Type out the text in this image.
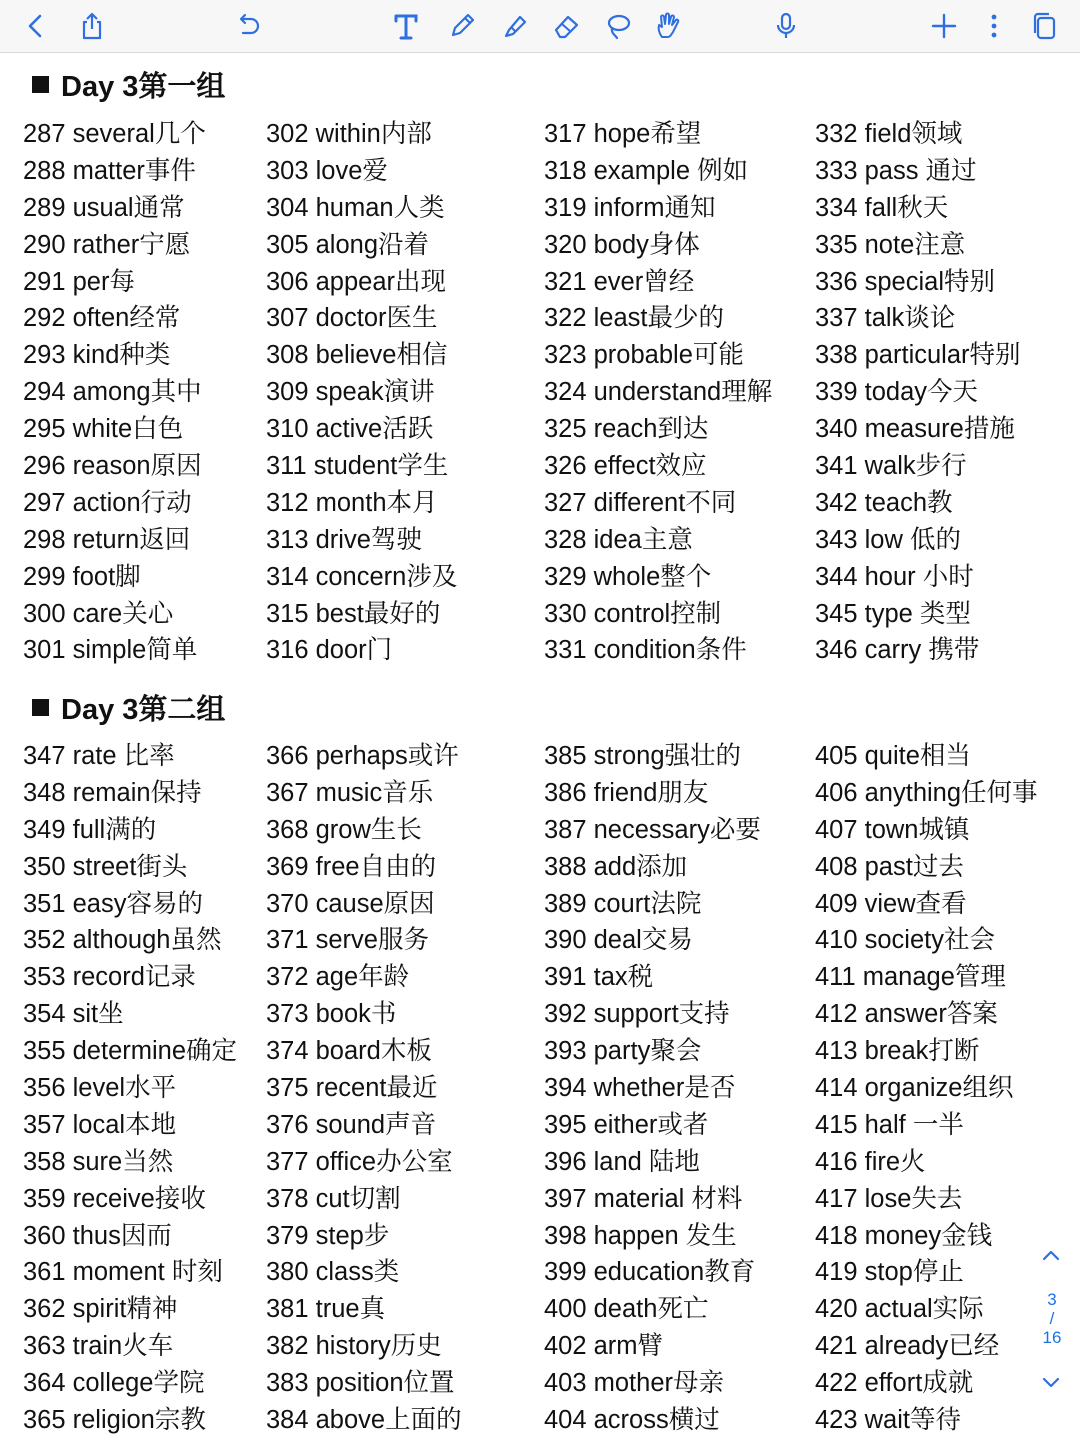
Day 3第一组
287 several几个
288 matter事件
289 usual通常
290 rather宁愿
291 per每
292 often经常
293 kind种类
294 among其中
295 white白色
296 reason原因
297 action行动
298 return返回
299 foot脚
300 care关心
301 simple简单
302 within内部
303 love爱
304 human人类
305 along沿着
306 appear出现
307 doctor医生
308 believe相信
309 speak演讲
310 active活跃
311 student学生
312 month本月
313 drive驾驶
314 concern涉及
315 best最好的
316 door门
317 hope希望
318 example 例如
319 inform通知
320 body身体
321 ever曾经
322 least最少的
323 probable可能
324 understand理解
325 reach到达
326 effect效应
327 different不同
328 idea主意
329 whole整个
330 control控制
331 condition条件
332 field领域
333 pass 通过
334 fall秋天
335 note注意
336 special特别
337 talk谈论
338 particular特别
339 today今天
340 measure措施
341 walk步行
342 teach教
343 low 低的
344 hour 小时
345 type 类型
346 carry 携带
Day 3第二组
347 rate 比率
348 remain保持
349 full满的
350 street街头
351 easy容易的
352 although虽然
353 record记录
354 sit坐
355 determine确定
356 level水平
357 local本地
358 sure当然
359 receive接收
360 thus因而
361 moment 时刻
362 spirit精神
363 train火车
364 college学院
365 religion宗教
366 perhaps或许
367 music音乐
368 grow生长
369 free自由的
370 cause原因
371 serve服务
372 age年龄
373 book书
374 board木板
375 recent最近
376 sound声音
377 office办公室
378 cut切割
379 step步
380 class类
381 true真
382 history历史
383 position位置
384 above上面的
385 strong强壮的
386 friend朋友
387 necessary必要
388 add添加
389 court法院
390 deal交易
391 tax税
392 support支持
393 party聚会
394 whether是否
395 either或者
396 land 陆地
397 material 材料
398 happen 发生
399 education教育
400 death死亡
402 arm臂
403 mother母亲
404 across横过
405 quite相当
406 anything任何事
407 town城镇
408 past过去
409 view查看
410 society社会
411 manage管理
412 answer答案
413 break打断
414 organize组织
415 half 一半
416 fire火
417 lose失去
418 money金钱
419 stop停止
420 actual实际
421 already已经
422 effort成就
423 wait等待
3
/
16
